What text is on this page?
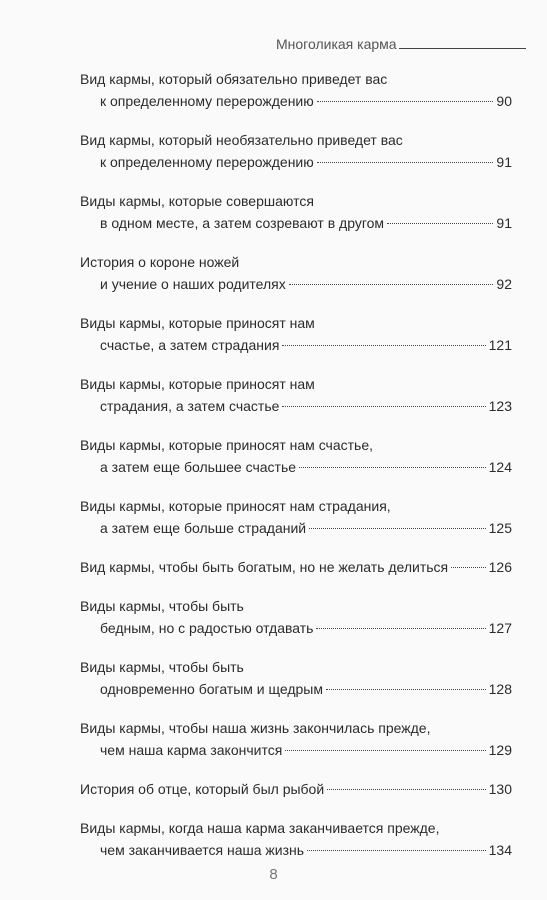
Многоликая карма
Вид кармы, который обязательно приведет вас
к определенному перерождению	90
Вид кармы, который необязательно приведет вас
к определенному перерождению	91
Виды кармы, которые совершаются
в одном месте, а затем созревают в другом	91
История о короне ножей
и учение о наших родителях	92
Виды кармы, которые приносят нам
счастье, а затем страдания	121
Виды кармы, которые приносят нам
страдания, а затем счастье	123
Виды кармы, которые приносят нам счастье,
а затем еще большее счастье	124
Виды кармы, которые приносят нам страдания,
а затем еще больше страданий	125
Вид кармы, чтобы быть богатым, но не желать делиться	126
Виды кармы, чтобы быть
бедным, но с радостью отдавать	127
Виды кармы, чтобы быть
одновременно богатым и щедрым	128
Виды кармы, чтобы наша жизнь закончилась прежде,
чем наша карма закончится	129
История об отце, который был рыбой	130
Виды кармы, когда наша карма заканчивается прежде,
чем заканчивается наша жизнь	134
8
